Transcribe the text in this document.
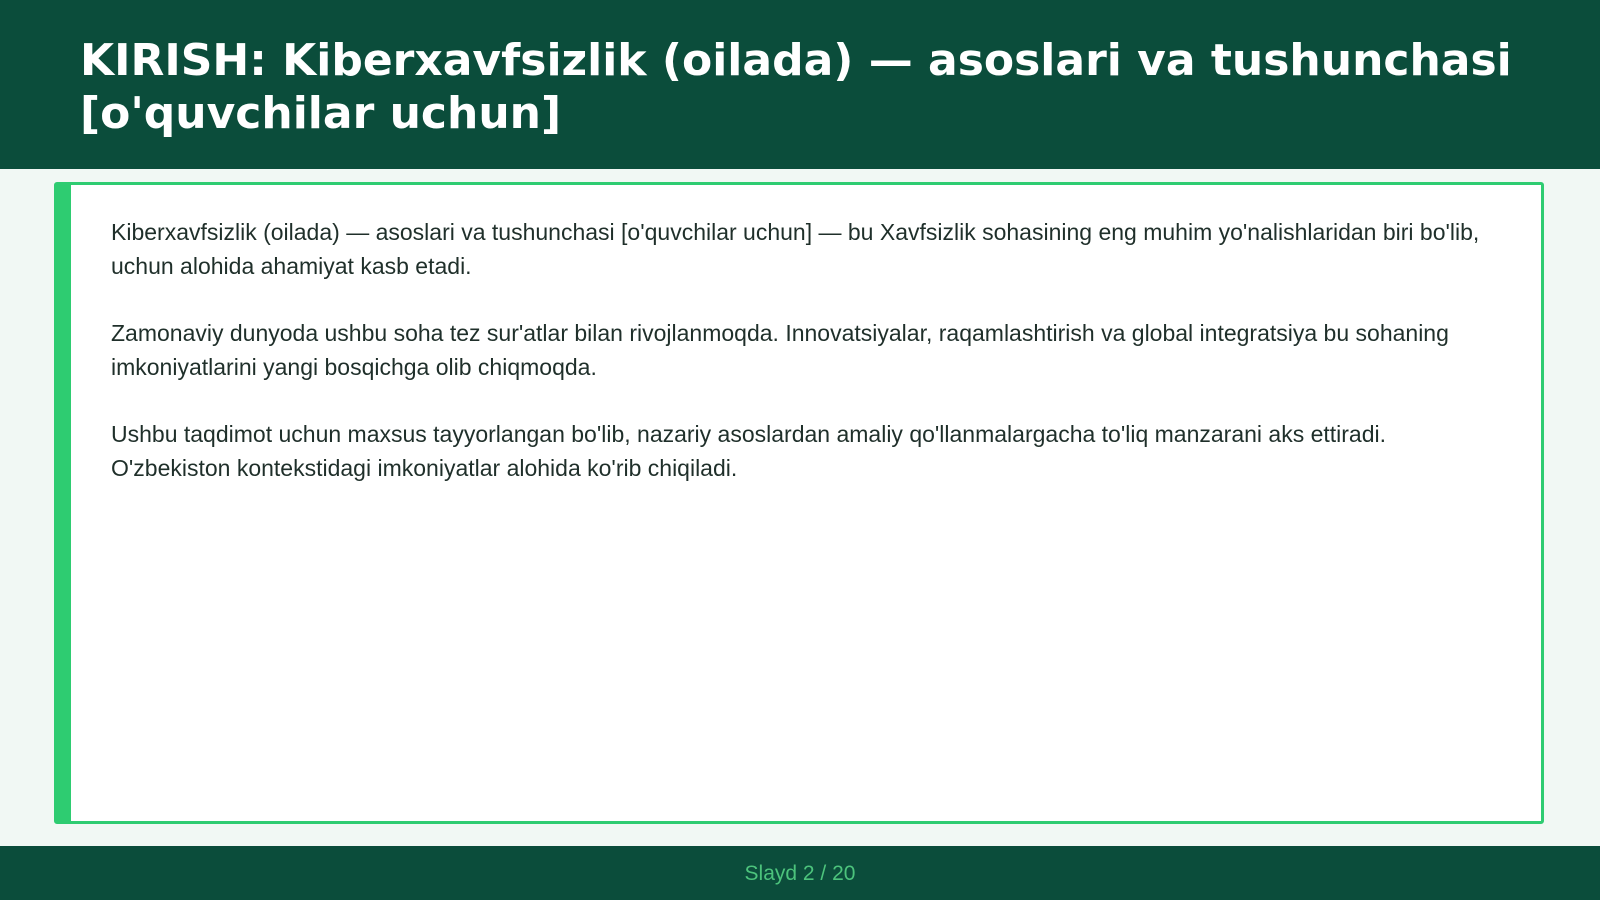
KIRISH: Kiberxavfsizlik (oilada) — asoslari va tushunchasi [o'quvchilar uchun]

Kiberxavfsizlik (oilada) — asoslari va tushunchasi [o'quvchilar uchun] — bu Xavfsizlik sohasining eng muhim yo'nalishlaridan biri bo'lib, uchun alohida ahamiyat kasb etadi.

Zamonaviy dunyoda ushbu soha tez sur'atlar bilan rivojlanmoqda. Innovatsiyalar, raqamlashtirish va global integratsiya bu sohaning imkoniyatlarini yangi bosqichga olib chiqmoqda.

Ushbu taqdimot uchun maxsus tayyorlangan bo'lib, nazariy asoslardan amaliy qo'llanmalargacha to'liq manzarani aks ettiradi. O'zbekiston kontekstidagi imkoniyatlar alohida ko'rib chiqiladi.

Slayd 2 / 20
